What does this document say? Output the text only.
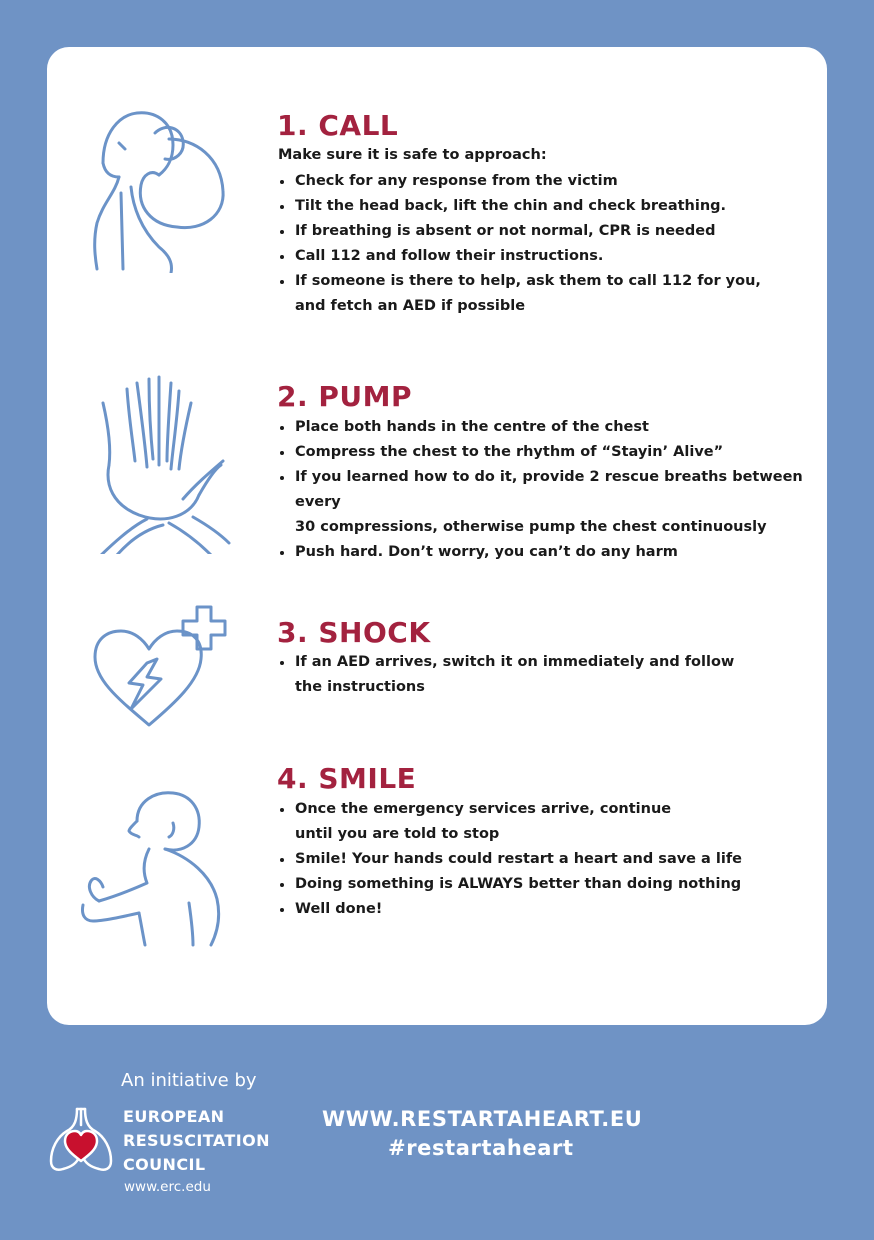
1. CALL

Make sure it is safe to approach:

Check for any response from the victim
Tilt the head back, lift the chin and check breathing.
If breathing is absent or not normal, CPR is needed
Call 112 and follow their instructions.
If someone is there to help, ask them to call 112 for you,
and fetch an AED if possible
2. PUMP
Place both hands in the centre of the chest
Compress the chest to the rhythm of “Stayin’ Alive”
If you learned how to do it, provide 2 rescue breaths between every
30 compressions, otherwise pump the chest continuously
Push hard. Don’t worry, you can’t do any harm
3. SHOCK
If an AED arrives, switch it on immediately and follow
the instructions
4. SMILE
Once the emergency services arrive, continue
until you are told to stop
Smile! Your hands could restart a heart and save a life
Doing something is ALWAYS better than doing nothing
Well done!

An initiative by

EUROPEAN
RESUSCITATION
COUNCIL

www.erc.edu
WWW.RESTARTAHEART.EU
#restartaheart
